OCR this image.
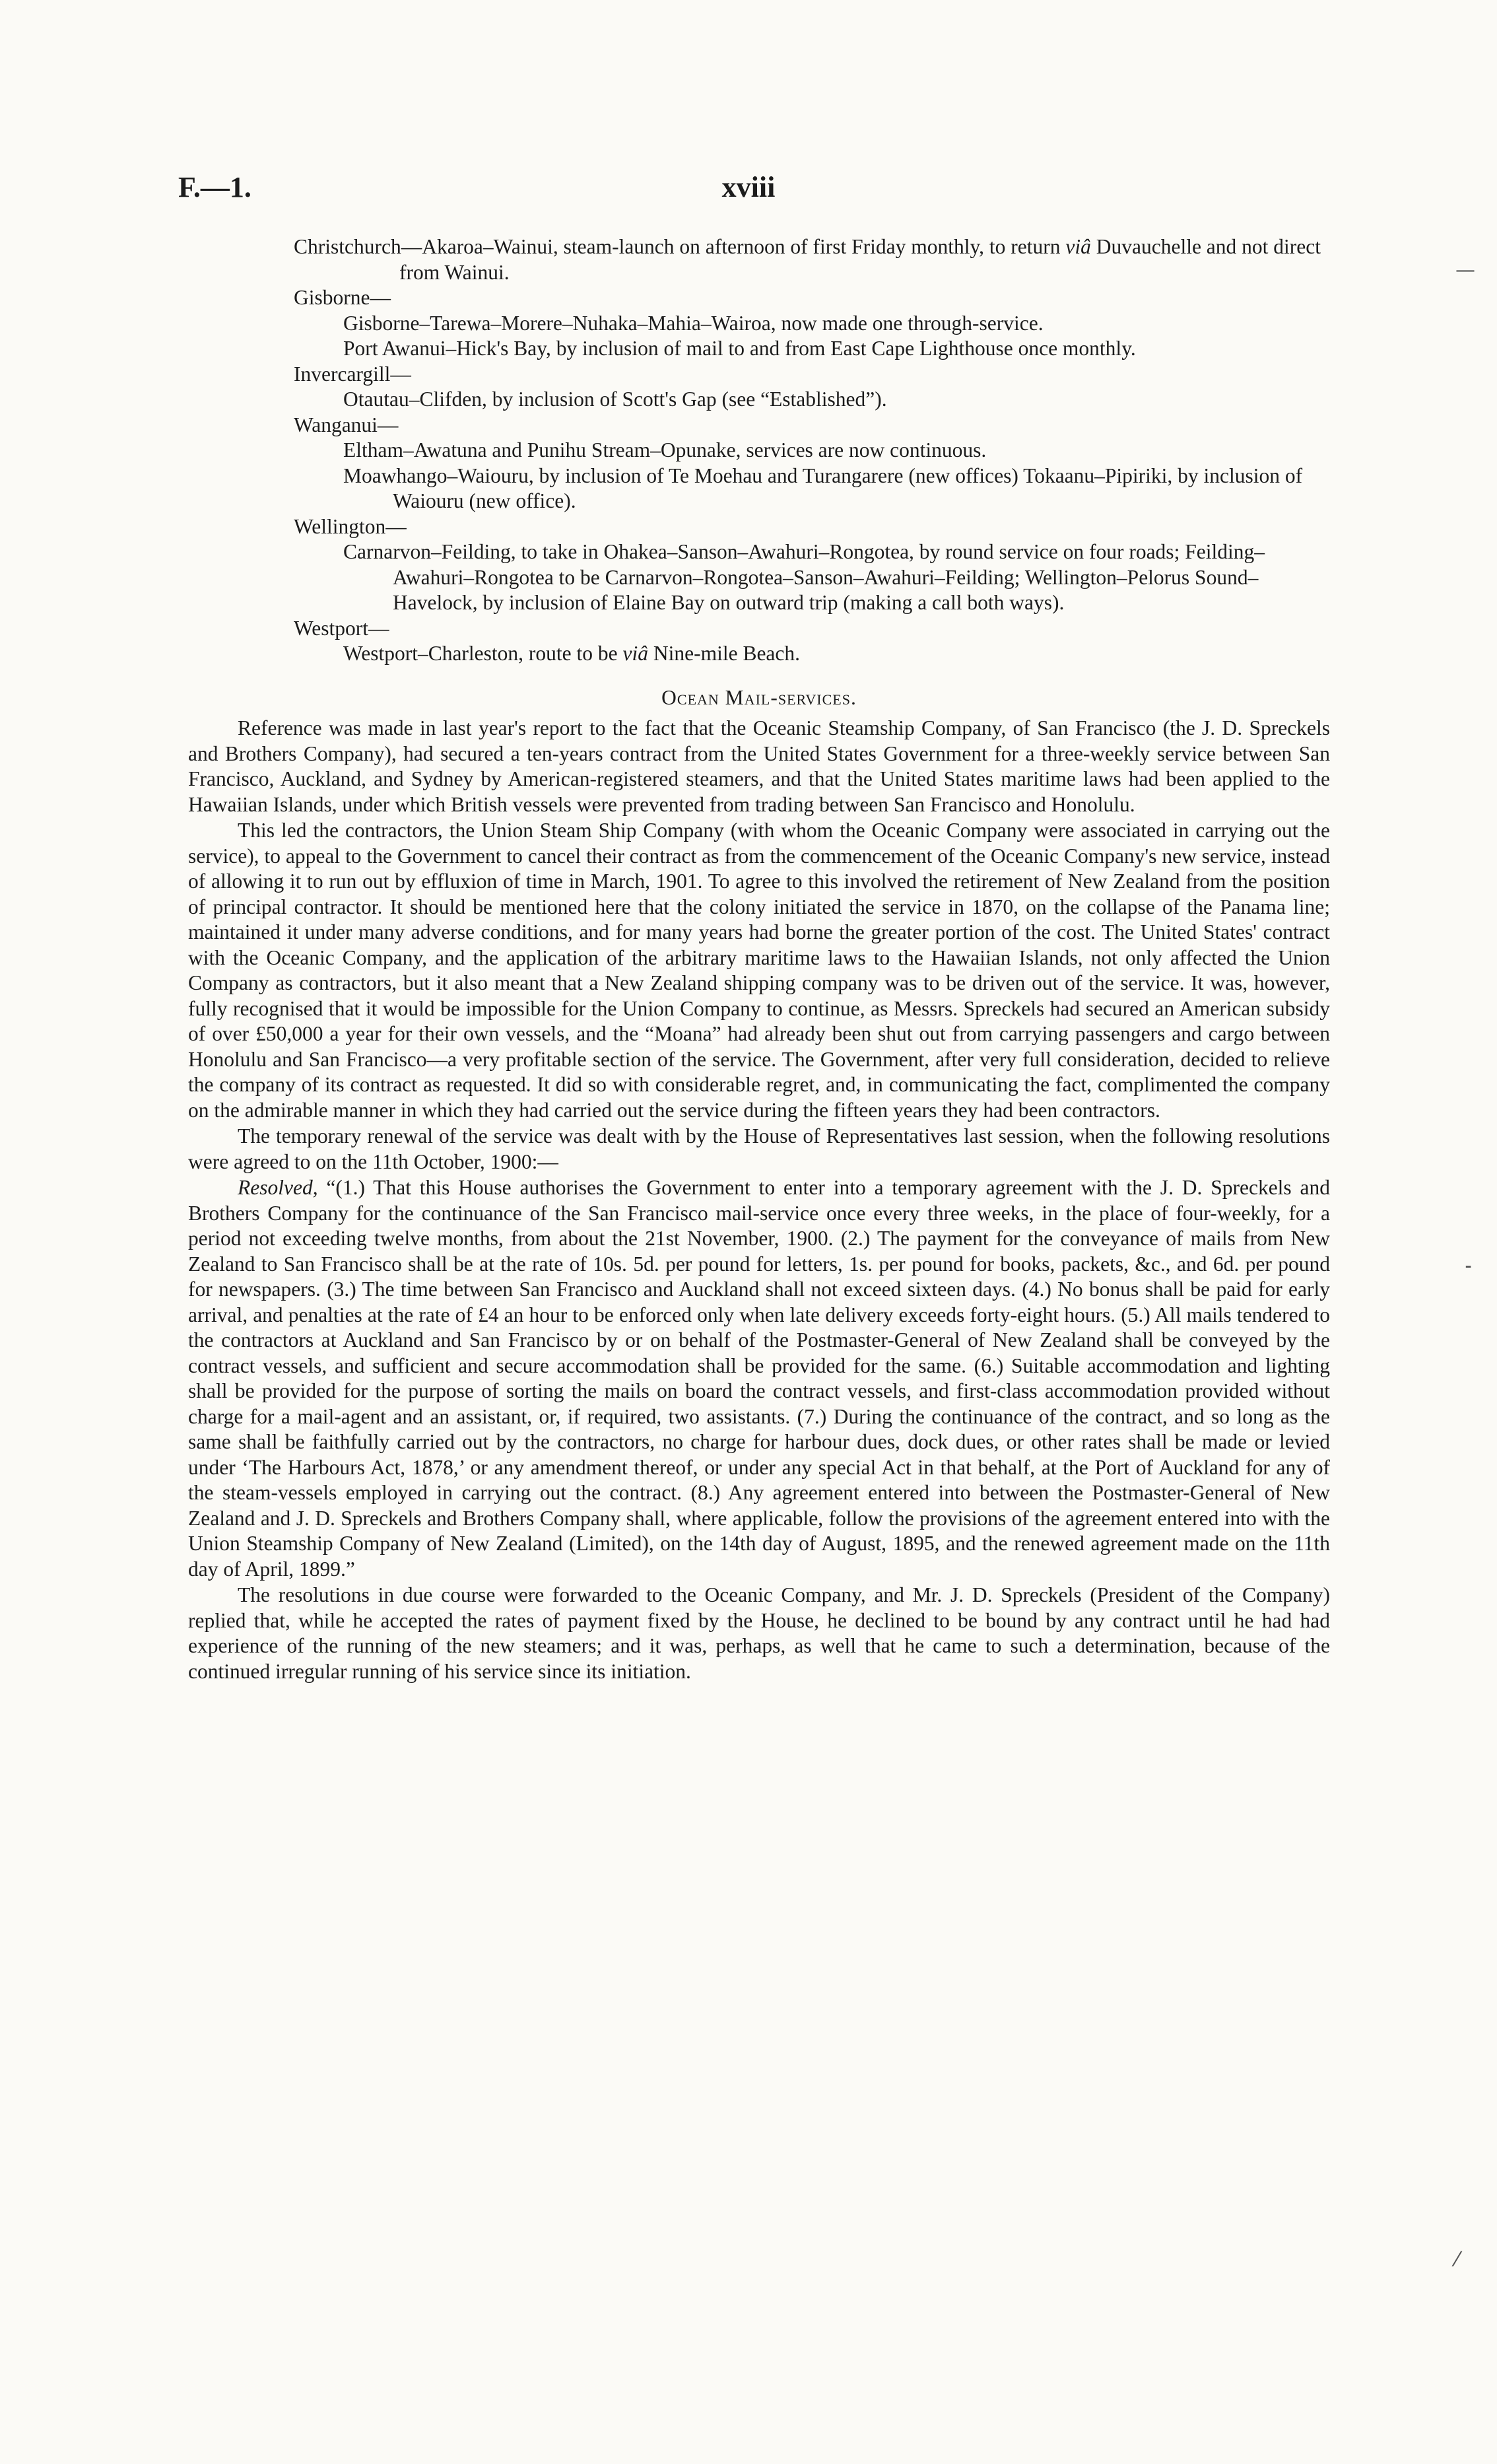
F.—1.	xviii

Christchurch—Akaroa–Wainui, steam-launch on afternoon of first Friday monthly, to return viâ Duvauchelle and not direct from Wainui.

Gisborne—

Gisborne–Tarewa–Morere–Nuhaka–Mahia–Wairoa, now made one through-service.

Port Awanui–Hick's Bay, by inclusion of mail to and from East Cape Lighthouse once monthly.

Invercargill—

Otautau–Clifden, by inclusion of Scott's Gap (see “Established”).

Wanganui—

Eltham–Awatuna and Punihu Stream–Opunake, services are now continuous.

Moawhango–Waiouru, by inclusion of Te Moehau and Turangarere (new offices) Tokaanu–Pipiriki, by inclusion of Waiouru (new office).

Wellington—

Carnarvon–Feilding, to take in Ohakea–Sanson–Awahuri–Rongotea, by round service on four roads; Feilding–Awahuri–Rongotea to be Carnarvon–Rongotea–Sanson–Awahuri–Feilding; Wellington–Pelorus Sound–Havelock, by inclusion of Elaine Bay on outward trip (making a call both ways).

Westport—

Westport–Charleston, route to be viâ Nine-mile Beach.

Ocean Mail-services.

Reference was made in last year's report to the fact that the Oceanic Steamship Company, of San Francisco (the J. D. Spreckels and Brothers Company), had secured a ten-years contract from the United States Government for a three-weekly service between San Francisco, Auckland, and Sydney by American-registered steamers, and that the United States maritime laws had been applied to the Hawaiian Islands, under which British vessels were prevented from trading between San Francisco and Honolulu.

This led the contractors, the Union Steam Ship Company (with whom the Oceanic Company were associated in carrying out the service), to appeal to the Government to cancel their contract as from the commencement of the Oceanic Company's new service, instead of allowing it to run out by effluxion of time in March, 1901. To agree to this involved the retirement of New Zealand from the position of principal contractor. It should be mentioned here that the colony initiated the service in 1870, on the collapse of the Panama line; maintained it under many adverse conditions, and for many years had borne the greater portion of the cost. The United States' contract with the Oceanic Company, and the application of the arbitrary maritime laws to the Hawaiian Islands, not only affected the Union Company as contractors, but it also meant that a New Zealand shipping company was to be driven out of the service. It was, however, fully recognised that it would be impossible for the Union Company to continue, as Messrs. Spreckels had secured an American subsidy of over £50,000 a year for their own vessels, and the “Moana” had already been shut out from carrying passengers and cargo between Honolulu and San Francisco—a very profitable section of the service. The Government, after very full consideration, decided to relieve the company of its contract as requested. It did so with considerable regret, and, in communicating the fact, complimented the company on the admirable manner in which they had carried out the service during the fifteen years they had been contractors.

The temporary renewal of the service was dealt with by the House of Representatives last session, when the following resolutions were agreed to on the 11th October, 1900:—

Resolved, “(1.) That this House authorises the Government to enter into a temporary agreement with the J. D. Spreckels and Brothers Company for the continuance of the San Francisco mail-service once every three weeks, in the place of four-weekly, for a period not exceeding twelve months, from about the 21st November, 1900. (2.) The payment for the conveyance of mails from New Zealand to San Francisco shall be at the rate of 10s. 5d. per pound for letters, 1s. per pound for books, packets, &c., and 6d. per pound for newspapers. (3.) The time between San Francisco and Auckland shall not exceed sixteen days. (4.) No bonus shall be paid for early arrival, and penalties at the rate of £4 an hour to be enforced only when late delivery exceeds forty-eight hours. (5.) All mails tendered to the contractors at Auckland and San Francisco by or on behalf of the Postmaster-General of New Zealand shall be conveyed by the contract vessels, and sufficient and secure accommodation shall be provided for the same. (6.) Suitable accommodation and lighting shall be provided for the purpose of sorting the mails on board the contract vessels, and first-class accommodation provided without charge for a mail-agent and an assistant, or, if required, two assistants. (7.) During the continuance of the contract, and so long as the same shall be faithfully carried out by the contractors, no charge for harbour dues, dock dues, or other rates shall be made or levied under ‘The Harbours Act, 1878,’ or any amendment thereof, or under any special Act in that behalf, at the Port of Auckland for any of the steam-vessels employed in carrying out the contract. (8.) Any agreement entered into between the Postmaster-General of New Zealand and J. D. Spreckels and Brothers Company shall, where applicable, follow the provisions of the agreement entered into with the Union Steamship Company of New Zealand (Limited), on the 14th day of August, 1895, and the renewed agreement made on the 11th day of April, 1899.”

The resolutions in due course were forwarded to the Oceanic Company, and Mr. J. D. Spreckels (President of the Company) replied that, while he accepted the rates of payment fixed by the House, he declined to be bound by any contract until he had had experience of the running of the new steamers; and it was, perhaps, as well that he came to such a determination, because of the continued irregular running of his service since its initiation.

—
⁃
⁄
